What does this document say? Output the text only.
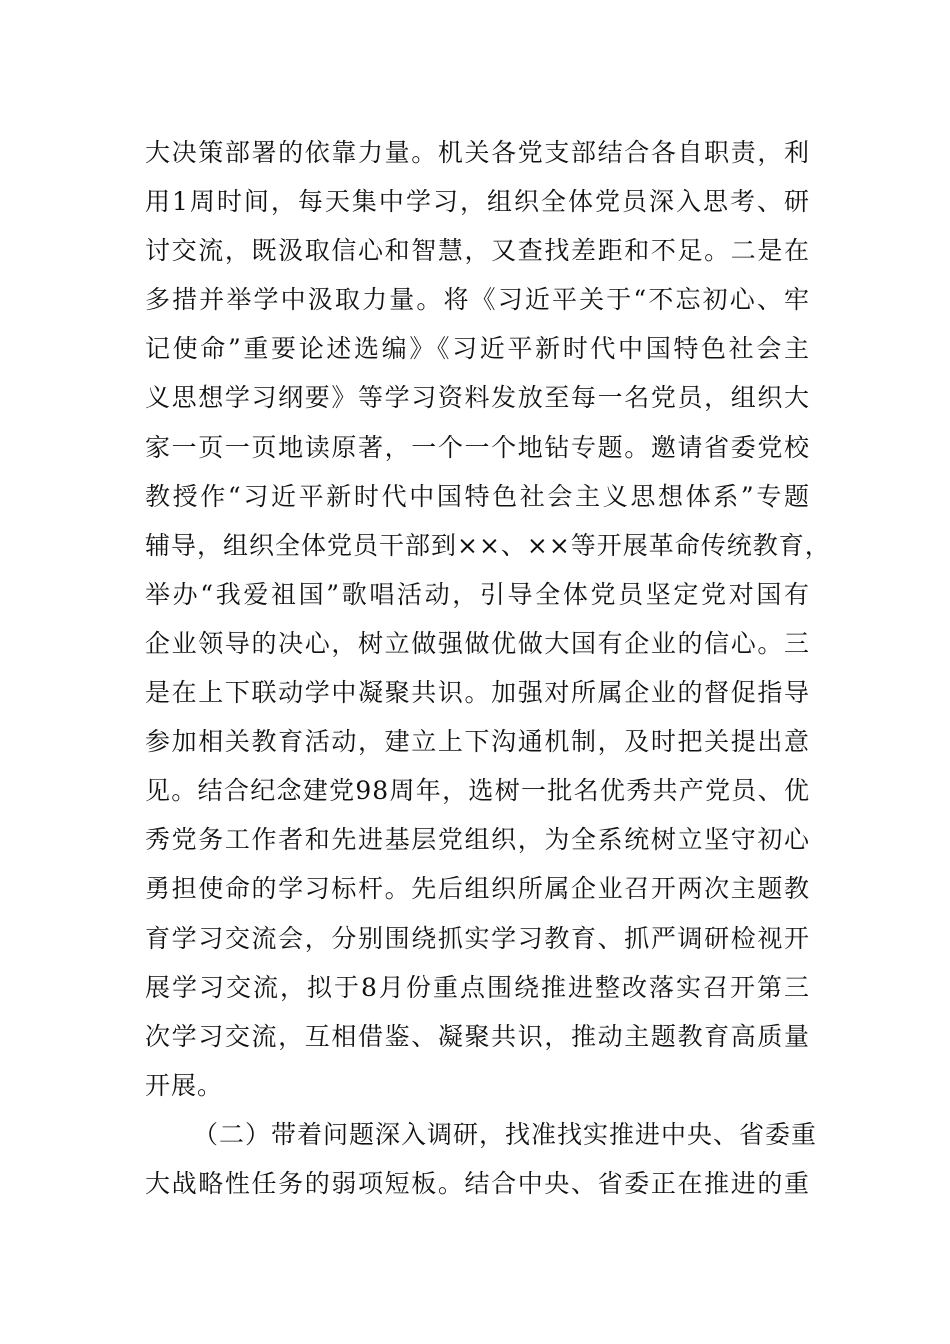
大决策部署的依靠力量。机关各党支部结合各自职责，利
用1周时间，每天集中学习，组织全体党员深入思考、研
讨交流，既汲取信心和智慧，又查找差距和不足。二是在
多措并举学中汲取力量。将《习近平关于“不忘初心、牢
记使命”重要论述选编》《习近平新时代中国特色社会主
义思想学习纲要》等学习资料发放至每一名党员，组织大
家一页一页地读原著，一个一个地钻专题。邀请省委党校
教授作“习近平新时代中国特色社会主义思想体系”专题
辅导，组织全体党员干部到××、××等开展革命传统教育，
举办“我爱祖国”歌唱活动，引导全体党员坚定党对国有
企业领导的决心，树立做强做优做大国有企业的信心。三
是在上下联动学中凝聚共识。加强对所属企业的督促指导
参加相关教育活动，建立上下沟通机制，及时把关提出意
见。结合纪念建党98周年，选树一批名优秀共产党员、优
秀党务工作者和先进基层党组织，为全系统树立坚守初心
勇担使命的学习标杆。先后组织所属企业召开两次主题教
育学习交流会，分别围绕抓实学习教育、抓严调研检视开
展学习交流，拟于8月份重点围绕推进整改落实召开第三
次学习交流，互相借鉴、凝聚共识，推动主题教育高质量
开展。
（二）带着问题深入调研，找准找实推进中央、省委重
大战略性任务的弱项短板。结合中央、省委正在推进的重
